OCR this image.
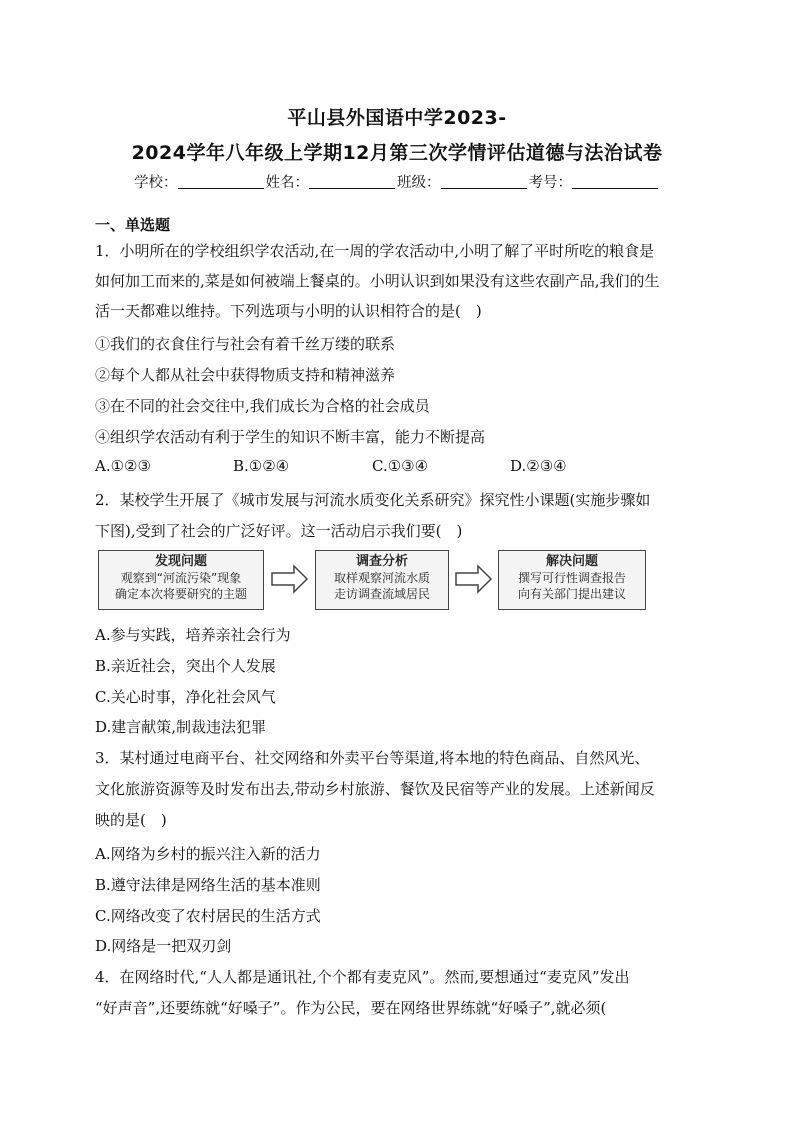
平山县外国语中学2023-
2024学年八年级上学期12月第三次学情评估道德与法治试卷
学校：	姓名：	班级：	考号：
一、单选题
1．小明所在的学校组织学农活动,在一周的学农活动中,小明了解了平时所吃的粮食是
如何加工而来的,菜是如何被端上餐桌的。小明认识到如果没有这些农副产品,我们的生
活一天都难以维持。下列选项与小明的认识相符合的是(　)
①我们的衣食住行与社会有着千丝万缕的联系
②每个人都从社会中获得物质支持和精神滋养
③在不同的社会交往中,我们成长为合格的社会成员
④组织学农活动有利于学生的知识不断丰富，能力不断提高
A.①②③	B.①②④	C.①③④	D.②③④
2．某校学生开展了《城市发展与河流水质变化关系研究》探究性小课题(实施步骤如
下图),受到了社会的广泛好评。这一活动启示我们要(　)
发现问题
观察到“河流污染”现象
确定本次将要研究的主题
调查分析
取样观察河流水质
走访调查流域居民
解决问题
撰写可行性调查报告
向有关部门提出建议
A.参与实践，培养亲社会行为
B.亲近社会，突出个人发展
C.关心时事，净化社会风气
D.建言献策,制裁违法犯罪
3．某村通过电商平台、社交网络和外卖平台等渠道,将本地的特色商品、自然风光、
文化旅游资源等及时发布出去,带动乡村旅游、餐饮及民宿等产业的发展。上述新闻反
映的是(　)
A.网络为乡村的振兴注入新的活力
B.遵守法律是网络生活的基本准则
C.网络改变了农村居民的生活方式
D.网络是一把双刃剑
4．在网络时代,“人人都是通讯社,个个都有麦克风”。然而,要想通过“麦克风”发出
“好声音”,还要练就“好嗓子”。作为公民，要在网络世界练就“好嗓子”,就必须(
